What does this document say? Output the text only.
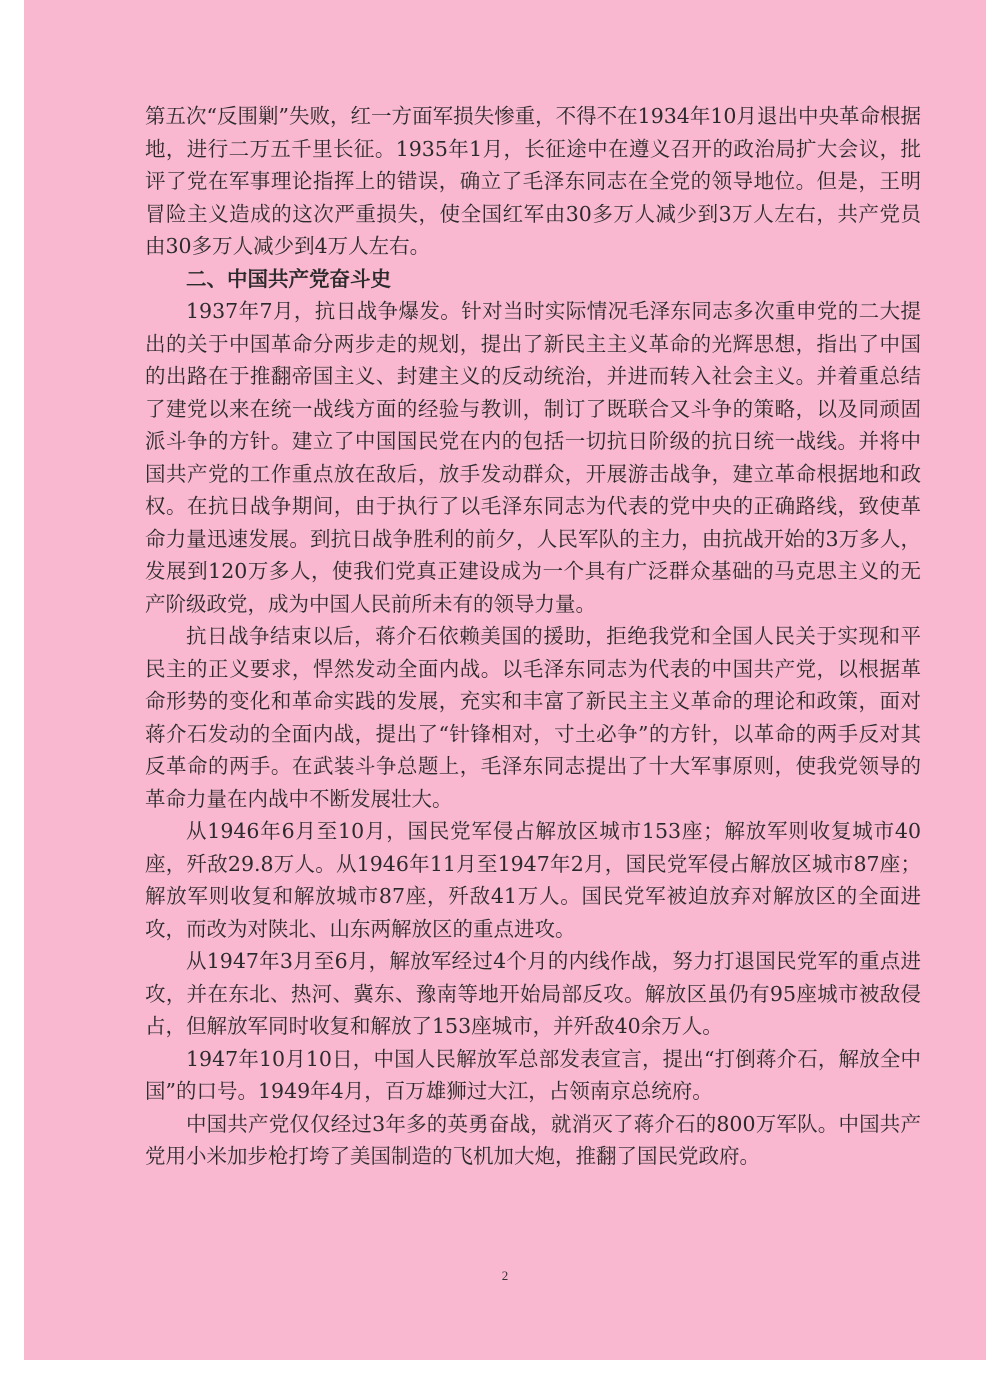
第五次“反围剿”失败，红一方面军损失惨重，不得不在1934年10月退出中央革命根据地，进行二万五千里长征。1935年1月，长征途中在遵义召开的政治局扩大会议，批评了党在军事理论指挥上的错误，确立了毛泽东同志在全党的领导地位。但是，王明冒险主义造成的这次严重损失，使全国红军由30多万人减少到3万人左右，共产党员由30多万人减少到4万人左右。

二、中国共产党奋斗史

1937年7月，抗日战争爆发。针对当时实际情况毛泽东同志多次重申党的二大提出的关于中国革命分两步走的规划，提出了新民主主义革命的光辉思想，指出了中国的出路在于推翻帝国主义、封建主义的反动统治，并进而转入社会主义。并着重总结了建党以来在统一战线方面的经验与教训，制订了既联合又斗争的策略，以及同顽固派斗争的方针。建立了中国国民党在内的包括一切抗日阶级的抗日统一战线。并将中国共产党的工作重点放在敌后，放手发动群众，开展游击战争，建立革命根据地和政权。在抗日战争期间，由于执行了以毛泽东同志为代表的党中央的正确路线，致使革命力量迅速发展。到抗日战争胜利的前夕，人民军队的主力，由抗战开始的3万多人，发展到120万多人，使我们党真正建设成为一个具有广泛群众基础的马克思主义的无产阶级政党，成为中国人民前所未有的领导力量。

抗日战争结束以后，蒋介石依赖美国的援助，拒绝我党和全国人民关于实现和平民主的正义要求，悍然发动全面内战。以毛泽东同志为代表的中国共产党，以根据革命形势的变化和革命实践的发展，充实和丰富了新民主主义革命的理论和政策，面对蒋介石发动的全面内战，提出了“针锋相对，寸土必争”的方针，以革命的两手反对其反革命的两手。在武装斗争总题上，毛泽东同志提出了十大军事原则，使我党领导的革命力量在内战中不断发展壮大。

从1946年6月至10月，国民党军侵占解放区城市153座；解放军则收复城市40座，歼敌29.8万人。从1946年11月至1947年2月，国民党军侵占解放区城市87座；解放军则收复和解放城市87座，歼敌41万人。国民党军被迫放弃对解放区的全面进攻，而改为对陕北、山东两解放区的重点进攻。

从1947年3月至6月，解放军经过4个月的内线作战，努力打退国民党军的重点进攻，并在东北、热河、冀东、豫南等地开始局部反攻。解放区虽仍有95座城市被敌侵占，但解放军同时收复和解放了153座城市，并歼敌40余万人。

1947年10月10日，中国人民解放军总部发表宣言，提出“打倒蒋介石，解放全中国”的口号。1949年4月，百万雄狮过大江，占领南京总统府。

中国共产党仅仅经过3年多的英勇奋战，就消灭了蒋介石的800万军队。中国共产党用小米加步枪打垮了美国制造的飞机加大炮，推翻了国民党政府。

2
